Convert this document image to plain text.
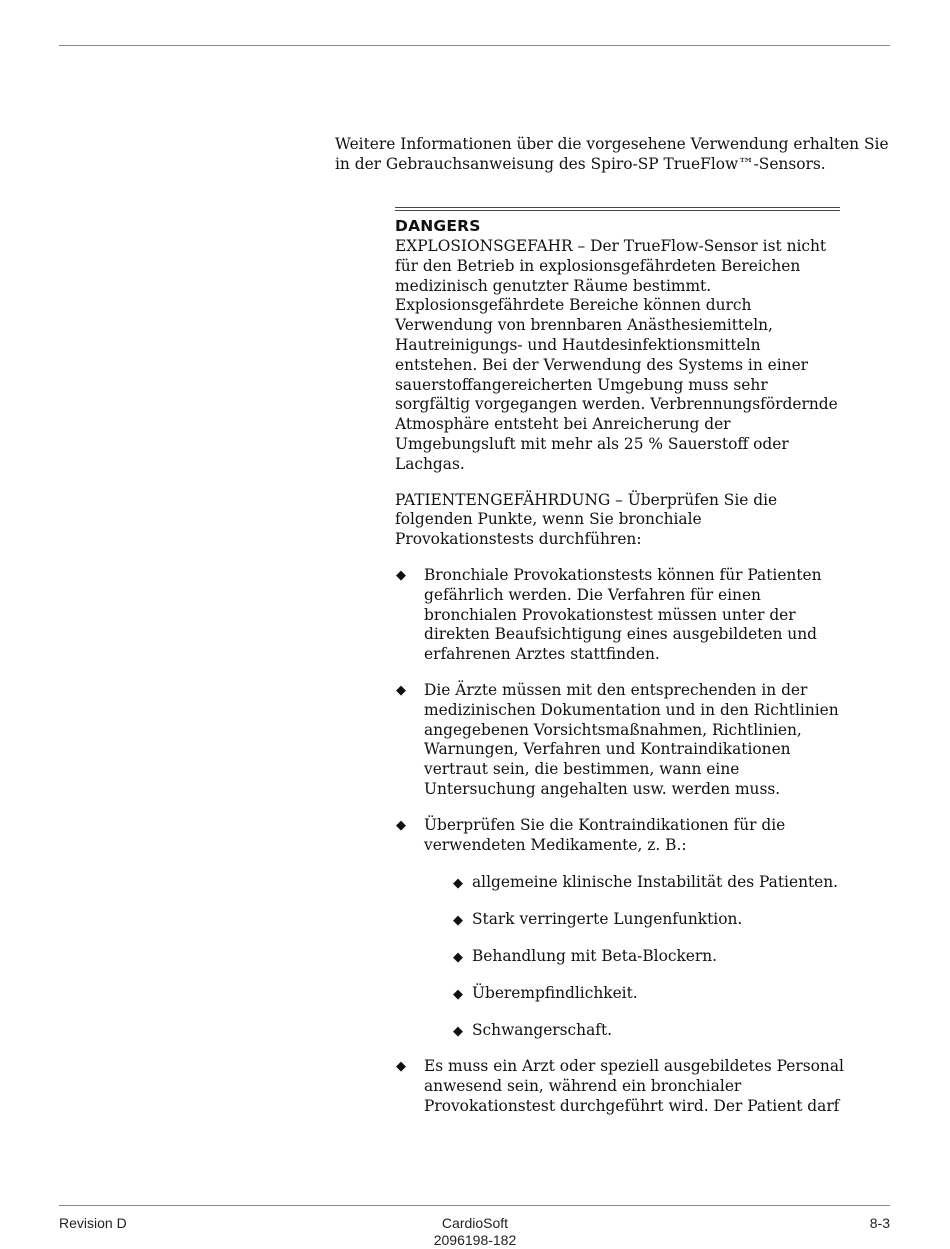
Weitere Informationen über die vorgesehene Verwendung erhalten Sie in der Gebrauchsanweisung des Spiro-SP TrueFlow™-Sensors.

DANGERS

EXPLOSIONSGEFAHR – Der TrueFlow-Sensor ist nicht für den Betrieb in explosionsgefährdeten Bereichen medizinisch genutzter Räume bestimmt. Explosionsgefährdete Bereiche können durch Verwendung von brennbaren Anästhesiemitteln, Hautreinigungs- und Hautdesinfektionsmitteln entstehen. Bei der Verwendung des Systems in einer sauerstoffangereicherten Umgebung muss sehr sorgfältig vorgegangen werden. Verbrennungsfördernde Atmosphäre entsteht bei Anreicherung der Umgebungsluft mit mehr als 25 % Sauerstoff oder Lachgas.

PATIENTENGEFÄHRDUNG – Überprüfen Sie die folgenden Punkte, wenn Sie bronchiale Provokationstests durchführen:

◆ Bronchiale Provokationstests können für Patienten gefährlich werden. Die Verfahren für einen bronchialen Provokationstest müssen unter der direkten Beaufsichtigung eines ausgebildeten und erfahrenen Arztes stattfinden.
◆ Die Ärzte müssen mit den entsprechenden in der medizinischen Dokumentation und in den Richtlinien angegebenen Vorsichtsmaßnahmen, Richtlinien, Warnungen, Verfahren und Kontraindikationen vertraut sein, die bestimmen, wann eine Untersuchung angehalten usw. werden muss.
◆ Überprüfen Sie die Kontraindikationen für die verwendeten Medikamente, z. B.:
◆ allgemeine klinische Instabilität des Patienten.
◆ Stark verringerte Lungenfunktion.
◆ Behandlung mit Beta-Blockern.
◆ Überempfindlichkeit.
◆ Schwangerschaft.
◆ Es muss ein Arzt oder speziell ausgebildetes Personal anwesend sein, während ein bronchialer Provokationstest durchgeführt wird. Der Patient darf
Revision D	CardioSoft
2096198-182
8-3
